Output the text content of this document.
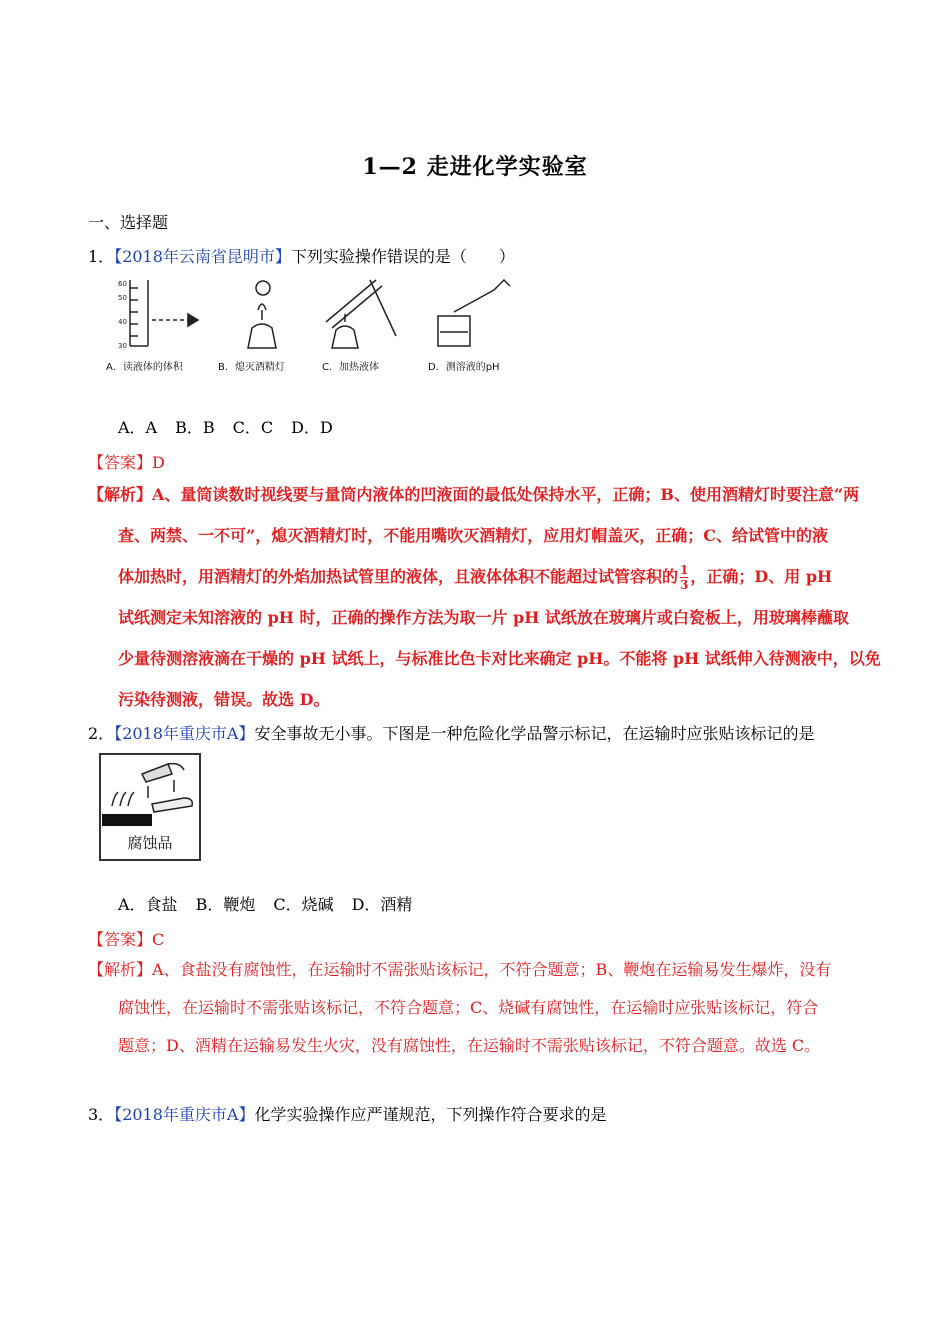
1—2 走进化学实验室
一、选择题
1．【2018年云南省昆明市】下列实验操作错误的是（　　）
60
50
40
30
A．读液体的体积	B．熄灭酒精灯	C．加热液体	D．测溶液的pH
A．A B．B C．C D．D
【答案】D

【解析】A、量筒读数时视线要与量筒内液体的凹液面的最低处保持水平，正确；B、使用酒精灯时要注意“两

查、两禁、一不可”，熄灭酒精灯时，不能用嘴吹灭酒精灯，应用灯帽盖灭，正确；C、给试管中的液

体加热时，用酒精灯的外焰加热试管里的液体，且液体体积不能超过试管容积的 $\frac{1}{3}$ ，正确；D、用 pH

试纸测定未知溶液的 pH 时，正确的操作方法为取一片 pH 试纸放在玻璃片或白瓷板上，用玻璃棒蘸取

少量待测溶液滴在干燥的 pH 试纸上，与标准比色卡对比来确定 pH。不能将 pH 试纸伸入待测液中，以免

污染待测液，错误。故选 D。

2．【2018年重庆市A】安全事故无小事。下图是一种危险化学品警示标记，在运输时应张贴该标记的是
腐蚀品
A．食盐 B．鞭炮 C．烧碱 D．酒精
【答案】C

【解析】A、食盐没有腐蚀性，在运输时不需张贴该标记，不符合题意；B、鞭炮在运输易发生爆炸，没有

腐蚀性，在运输时不需张贴该标记，不符合题意；C、烧碱有腐蚀性，在运输时应张贴该标记，符合

题意；D、酒精在运输易发生火灾，没有腐蚀性，在运输时不需张贴该标记，不符合题意。故选 C。

3．【2018年重庆市A】化学实验操作应严谨规范，下列操作符合要求的是
